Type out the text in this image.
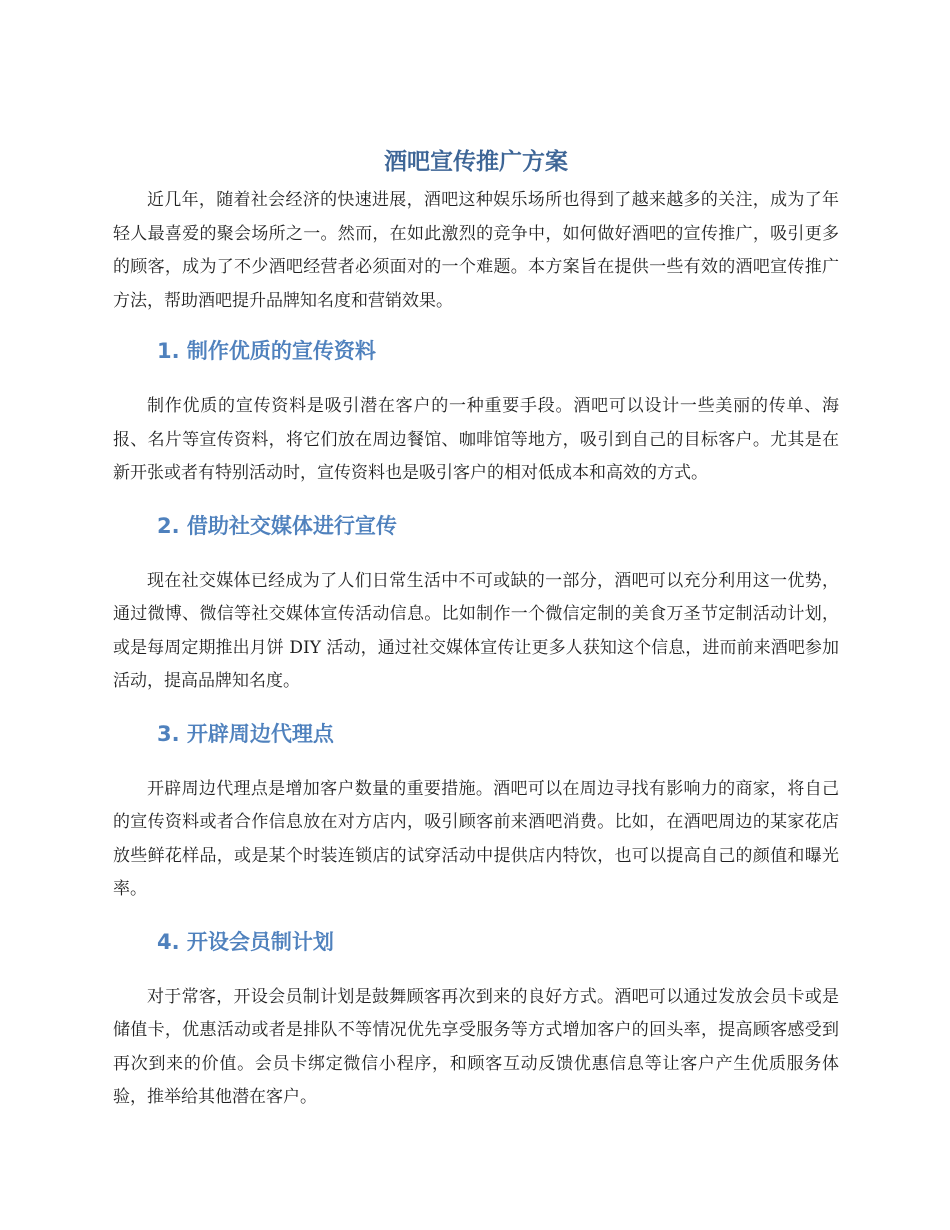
酒吧宣传推广方案

近几年，随着社会经济的快速进展，酒吧这种娱乐场所也得到了越来越多的关注，成为了年轻人最喜爱的聚会场所之一。然而，在如此激烈的竞争中，如何做好酒吧的宣传推广，吸引更多的顾客，成为了不少酒吧经营者必须面对的一个难题。本方案旨在提供一些有效的酒吧宣传推广方法，帮助酒吧提升品牌知名度和营销效果。

1. 制作优质的宣传资料

制作优质的宣传资料是吸引潜在客户的一种重要手段。酒吧可以设计一些美丽的传单、海报、名片等宣传资料，将它们放在周边餐馆、咖啡馆等地方，吸引到自己的目标客户。尤其是在新开张或者有特别活动时，宣传资料也是吸引客户的相对低成本和高效的方式。

2. 借助社交媒体进行宣传

现在社交媒体已经成为了人们日常生活中不可或缺的一部分，酒吧可以充分利用这一优势，通过微博、微信等社交媒体宣传活动信息。比如制作一个微信定制的美食万圣节定制活动计划，或是每周定期推出月饼 DIY 活动，通过社交媒体宣传让更多人获知这个信息，进而前来酒吧参加活动，提高品牌知名度。

3. 开辟周边代理点

开辟周边代理点是增加客户数量的重要措施。酒吧可以在周边寻找有影响力的商家，将自己的宣传资料或者合作信息放在对方店内，吸引顾客前来酒吧消费。比如，在酒吧周边的某家花店放些鲜花样品，或是某个时装连锁店的试穿活动中提供店内特饮，也可以提高自己的颜值和曝光率。

4. 开设会员制计划

对于常客，开设会员制计划是鼓舞顾客再次到来的良好方式。酒吧可以通过发放会员卡或是储值卡，优惠活动或者是排队不等情况优先享受服务等方式增加客户的回头率，提高顾客感受到再次到来的价值。会员卡绑定微信小程序，和顾客互动反馈优惠信息等让客户产生优质服务体验，推举给其他潜在客户。
